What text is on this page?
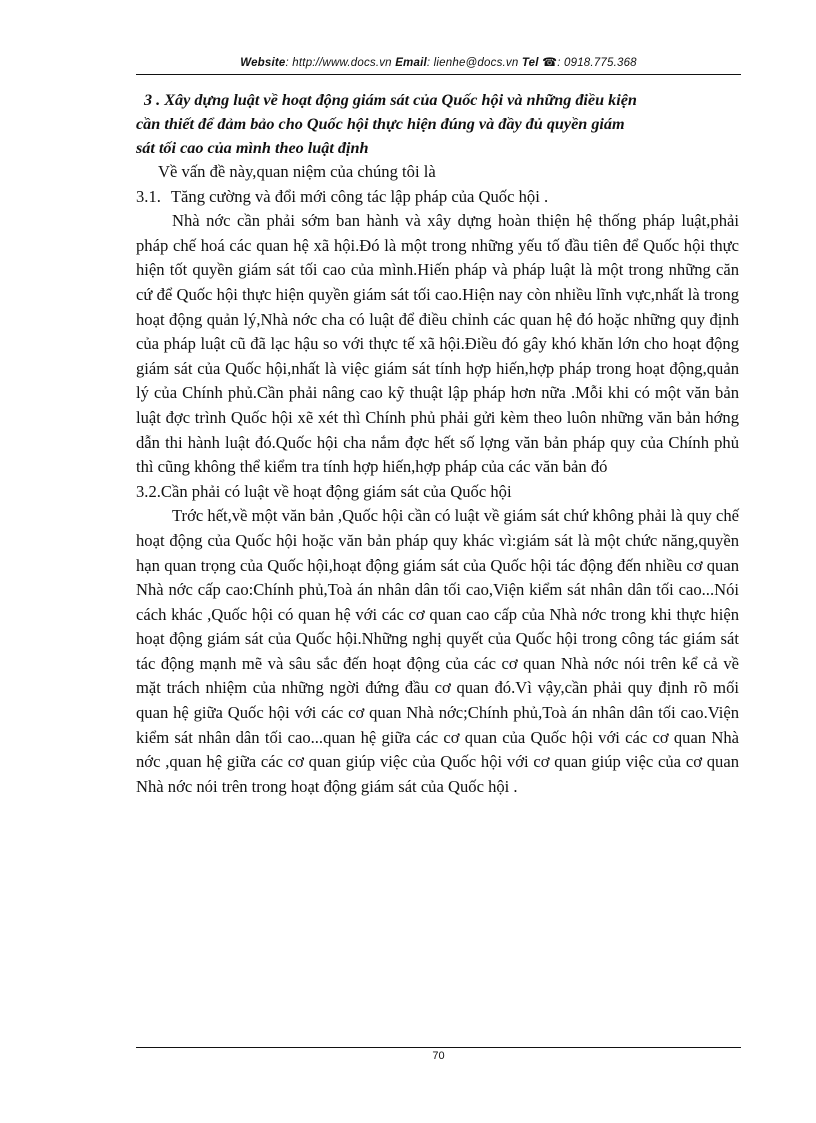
Website: http://www.docs.vn Email: lienhe@docs.vn Tel ☎: 0918.775.368
3 . Xây dựng luật về hoạt động giám sát của Quốc hội và những điều kiện
cần thiết để đảm bảo cho Quốc hội thực hiện đúng và đầy đủ quyền giám
sát tối cao của mình theo luật định

Về vấn đề này,quan niệm của chúng tôi là

3.1. Tăng cường và đổi mới công tác lập pháp của Quốc hội .

Nhà nớc cần phải sớm ban hành và xây dựng hoàn thiện hệ thống pháp luật,phải pháp chế hoá các quan hệ xã hội.Đó là một trong những yếu tố đầu tiên để Quốc hội thực hiện tốt quyền giám sát tối cao của mình.Hiến pháp và pháp luật là một trong những căn cứ để Quốc hội thực hiện quyền giám sát tối cao.Hiện nay còn nhiều lĩnh vực,nhất là trong hoạt động quản lý,Nhà nớc cha có luật để điều chỉnh các quan hệ đó hoặc những quy định của pháp luật cũ đã lạc hậu so với thực tế xã hội.Điều đó gây khó khăn lớn cho hoạt động giám sát của Quốc hội,nhất là việc giám sát tính hợp hiến,hợp pháp trong hoạt động,quản lý của Chính phủ.Cần phải nâng cao kỹ thuật lập pháp hơn nữa .Mỗi khi có một văn bản luật đợc trình Quốc hội xẽ xét thì Chính phủ phải gửi kèm theo luôn những văn bản hớng dẫn thi hành luật đó.Quốc hội cha nắm đợc hết số lợng văn bản pháp quy của Chính phủ thì cũng không thể kiểm tra tính hợp hiến,hợp pháp của các văn bản đó

3.2.Cần phải có luật về hoạt động giám sát của Quốc hội

Trớc hết,về một văn bản ,Quốc hội cần có luật về giám sát chứ không phải là quy chế hoạt động của Quốc hội hoặc văn bản pháp quy khác vì:giám sát là một chức năng,quyền hạn quan trọng của Quốc hội,hoạt động giám sát của Quốc hội tác động đến nhiều cơ quan Nhà nớc cấp cao:Chính phủ,Toà án nhân dân tối cao,Viện kiểm sát nhân dân tối cao...Nói cách khác ,Quốc hội có quan hệ với các cơ quan cao cấp của Nhà nớc trong khi thực hiện hoạt động giám sát của Quốc hội.Những nghị quyết của Quốc hội trong công tác giám sát tác động mạnh mẽ và sâu sắc đến hoạt động của các cơ quan Nhà nớc nói trên kể cả về mặt trách nhiệm của những ngời đứng đầu cơ quan đó.Vì vậy,cần phải quy định rõ mối quan hệ giữa Quốc hội với các cơ quan Nhà nớc;Chính phủ,Toà án nhân dân tối cao.Viện kiểm sát nhân dân tối cao...quan hệ giữa các cơ quan của Quốc hội với các cơ quan Nhà nớc ,quan hệ giữa các cơ quan giúp việc của Quốc hội với cơ quan giúp việc của cơ quan Nhà nớc nói trên trong hoạt động giám sát của Quốc hội .

70
